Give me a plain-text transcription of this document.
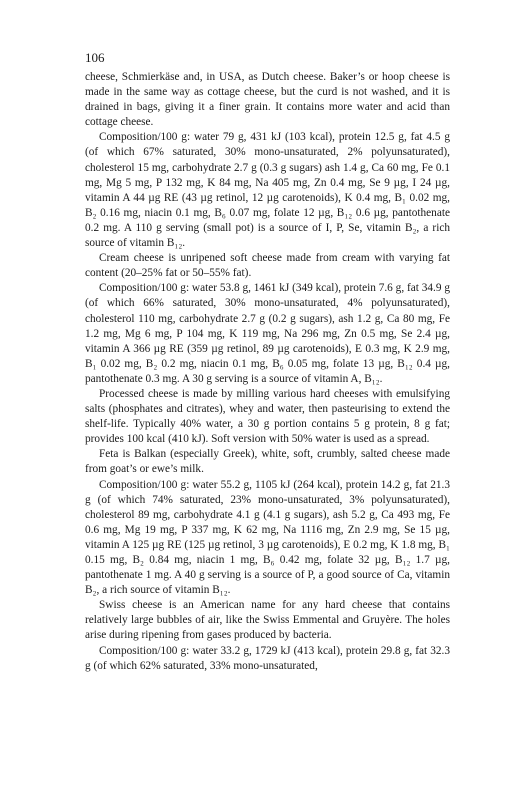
106

cheese, Schmierkäse and, in USA, as Dutch cheese. Baker’s or hoop cheese is made in the same way as cottage cheese, but the curd is not washed, and it is drained in bags, giving it a finer grain. It contains more water and acid than cottage cheese.

Composition/100 g: water 79 g, 431 kJ (103 kcal), protein 12.5 g, fat 4.5 g (of which 67% saturated, 30% mono-unsaturated, 2% polyunsaturated), cholesterol 15 mg, carbohydrate 2.7 g (0.3 g sugars) ash 1.4 g, Ca 60 mg, Fe 0.1 mg, Mg 5 mg, P 132 mg, K 84 mg, Na 405 mg, Zn 0.4 mg, Se 9 µg, I 24 µg, vitamin A 44 µg RE (43 µg retinol, 12 µg carotenoids), K 0.4 mg, B₁ 0.02 mg, B₂ 0.16 mg, niacin 0.1 mg, B₆ 0.07 mg, folate 12 µg, B₁₂ 0.6 µg, pantothenate 0.2 mg. A 110 g serving (small pot) is a source of I, P, Se, vitamin B₂, a rich source of vitamin B₁₂.

Cream cheese is unripened soft cheese made from cream with varying fat content (20–25% fat or 50–55% fat).

Composition/100 g: water 53.8 g, 1461 kJ (349 kcal), protein 7.6 g, fat 34.9 g (of which 66% saturated, 30% mono-unsaturated, 4% polyunsaturated), cholesterol 110 mg, carbohydrate 2.7 g (0.2 g sugars), ash 1.2 g, Ca 80 mg, Fe 1.2 mg, Mg 6 mg, P 104 mg, K 119 mg, Na 296 mg, Zn 0.5 mg, Se 2.4 µg, vitamin A 366 µg RE (359 µg retinol, 89 µg carotenoids), E 0.3 mg, K 2.9 mg, B₁ 0.02 mg, B₂ 0.2 mg, niacin 0.1 mg, B₆ 0.05 mg, folate 13 µg, B₁₂ 0.4 µg, pantothenate 0.3 mg. A 30 g serving is a source of vitamin A, B₁₂.

Processed cheese is made by milling various hard cheeses with emulsifying salts (phosphates and citrates), whey and water, then pasteurising to extend the shelf-life. Typically 40% water, a 30 g portion contains 5 g protein, 8 g fat; provides 100 kcal (410 kJ). Soft version with 50% water is used as a spread.

Feta is Balkan (especially Greek), white, soft, crumbly, salted cheese made from goat’s or ewe’s milk.

Composition/100 g: water 55.2 g, 1105 kJ (264 kcal), protein 14.2 g, fat 21.3 g (of which 74% saturated, 23% mono-unsaturated, 3% polyunsaturated), cholesterol 89 mg, carbohydrate 4.1 g (4.1 g sugars), ash 5.2 g, Ca 493 mg, Fe 0.6 mg, Mg 19 mg, P 337 mg, K 62 mg, Na 1116 mg, Zn 2.9 mg, Se 15 µg, vitamin A 125 µg RE (125 µg retinol, 3 µg carotenoids), E 0.2 mg, K 1.8 mg, B₁ 0.15 mg, B₂ 0.84 mg, niacin 1 mg, B₆ 0.42 mg, folate 32 µg, B₁₂ 1.7 µg, pantothenate 1 mg. A 40 g serving is a source of P, a good source of Ca, vitamin B₂, a rich source of vitamin B₁₂.

Swiss cheese is an American name for any hard cheese that contains relatively large bubbles of air, like the Swiss Emmental and Gruyère. The holes arise during ripening from gases produced by bacteria.

Composition/100 g: water 33.2 g, 1729 kJ (413 kcal), protein 29.8 g, fat 32.3 g (of which 62% saturated, 33% mono-unsaturated,
